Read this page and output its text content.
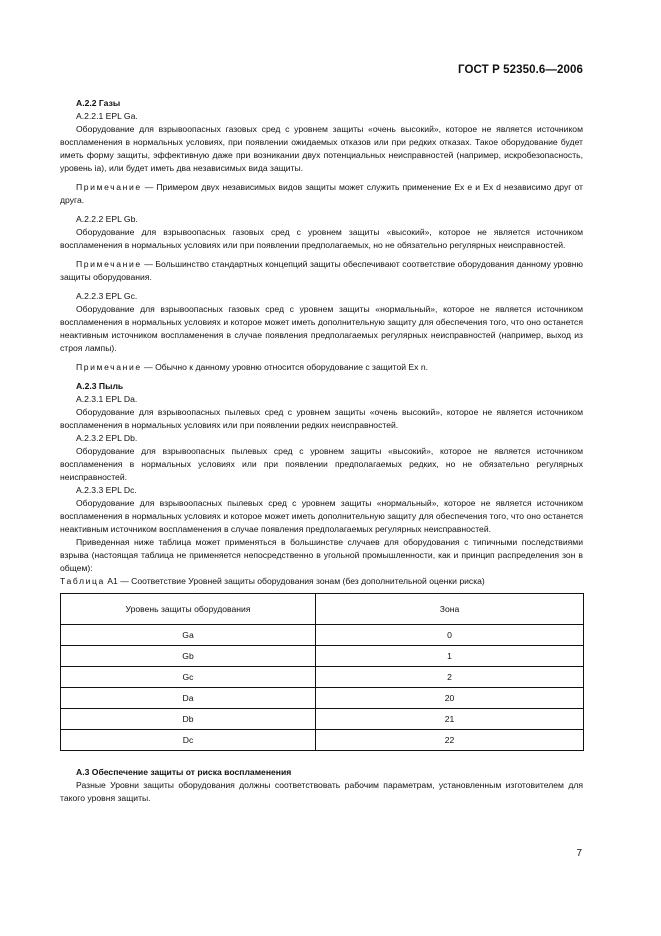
ГОСТ Р 52350.6—2006

А.2.2 Газы

А.2.2.1 EPL Ga.

Оборудование для взрывоопасных газовых сред с уровнем защиты «очень высокий», которое не является источником воспламенения в нормальных условиях, при появлении ожидаемых отказов или при редких отказах. Такое оборудование будет иметь форму защиты, эффективную даже при возникании двух потенциальных неисправностей (например, искробезопасность, уровень ia), или будет иметь два независимых вида защиты.

Примечание — Примером двух независимых видов защиты может служить применение Ex e и Ex d независимо друг от друга.

А.2.2.2 EPL Gb.

Оборудование для взрывоопасных газовых сред с уровнем защиты «высокий», которое не является источником воспламенения в нормальных условиях или при появлении предполагаемых, но не обязательно регулярных неисправностей.

Примечание — Большинство стандартных концепций защиты обеспечивают соответствие оборудования данному уровню защиты оборудования.

А.2.2.3 EPL Gc.

Оборудование для взрывоопасных газовых сред с уровнем защиты «нормальный», которое не является источником воспламенения в нормальных условиях и которое может иметь дополнительную защиту для обеспечения того, что оно останется неактивным источником воспламенения в случае появления предполагаемых регулярных неисправностей (например, выход из строя лампы).

Примечание — Обычно к данному уровню относится оборудование с защитой Ex n.

А.2.3 Пыль

А.2.3.1 EPL Da.

Оборудование для взрывоопасных пылевых сред с уровнем защиты «очень высокий», которое не является источником воспламенения в нормальных условиях или при появлении редких неисправностей.

А.2.3.2 EPL Db.

Оборудование для взрывоопасных пылевых сред с уровнем защиты «высокий», которое не является источником воспламенения в нормальных условиях или при появлении предполагаемых редких, но не обязательно регулярных неисправностей.

А.2.3.3 EPL Dc.

Оборудование для взрывоопасных пылевых сред с уровнем защиты «нормальный», которое не является источником воспламенения в нормальных условиях и которое может иметь дополнительную защиту для обеспечения того, что оно останется неактивным источником воспламенения в случае появления предполагаемых регулярных неисправностей.

Приведенная ниже таблица может применяться в большинстве случаев для оборудования с типичными последствиями взрыва (настоящая таблица не применяется непосредственно в угольной промышленности, как и принцип распределения зон в общем):

Таблица А1 — Соответствие Уровней защиты оборудования зонам (без дополнительной оценки риска)
Уровень защиты оборудования	Зона
Ga	0
Gb	1
Gc	2
Da	20
Db	21
Dc	22

А.3 Обеспечение защиты от риска воспламенения

Разные Уровни защиты оборудования должны соответствовать рабочим параметрам, установленным изготовителем для такого уровня защиты.

7
